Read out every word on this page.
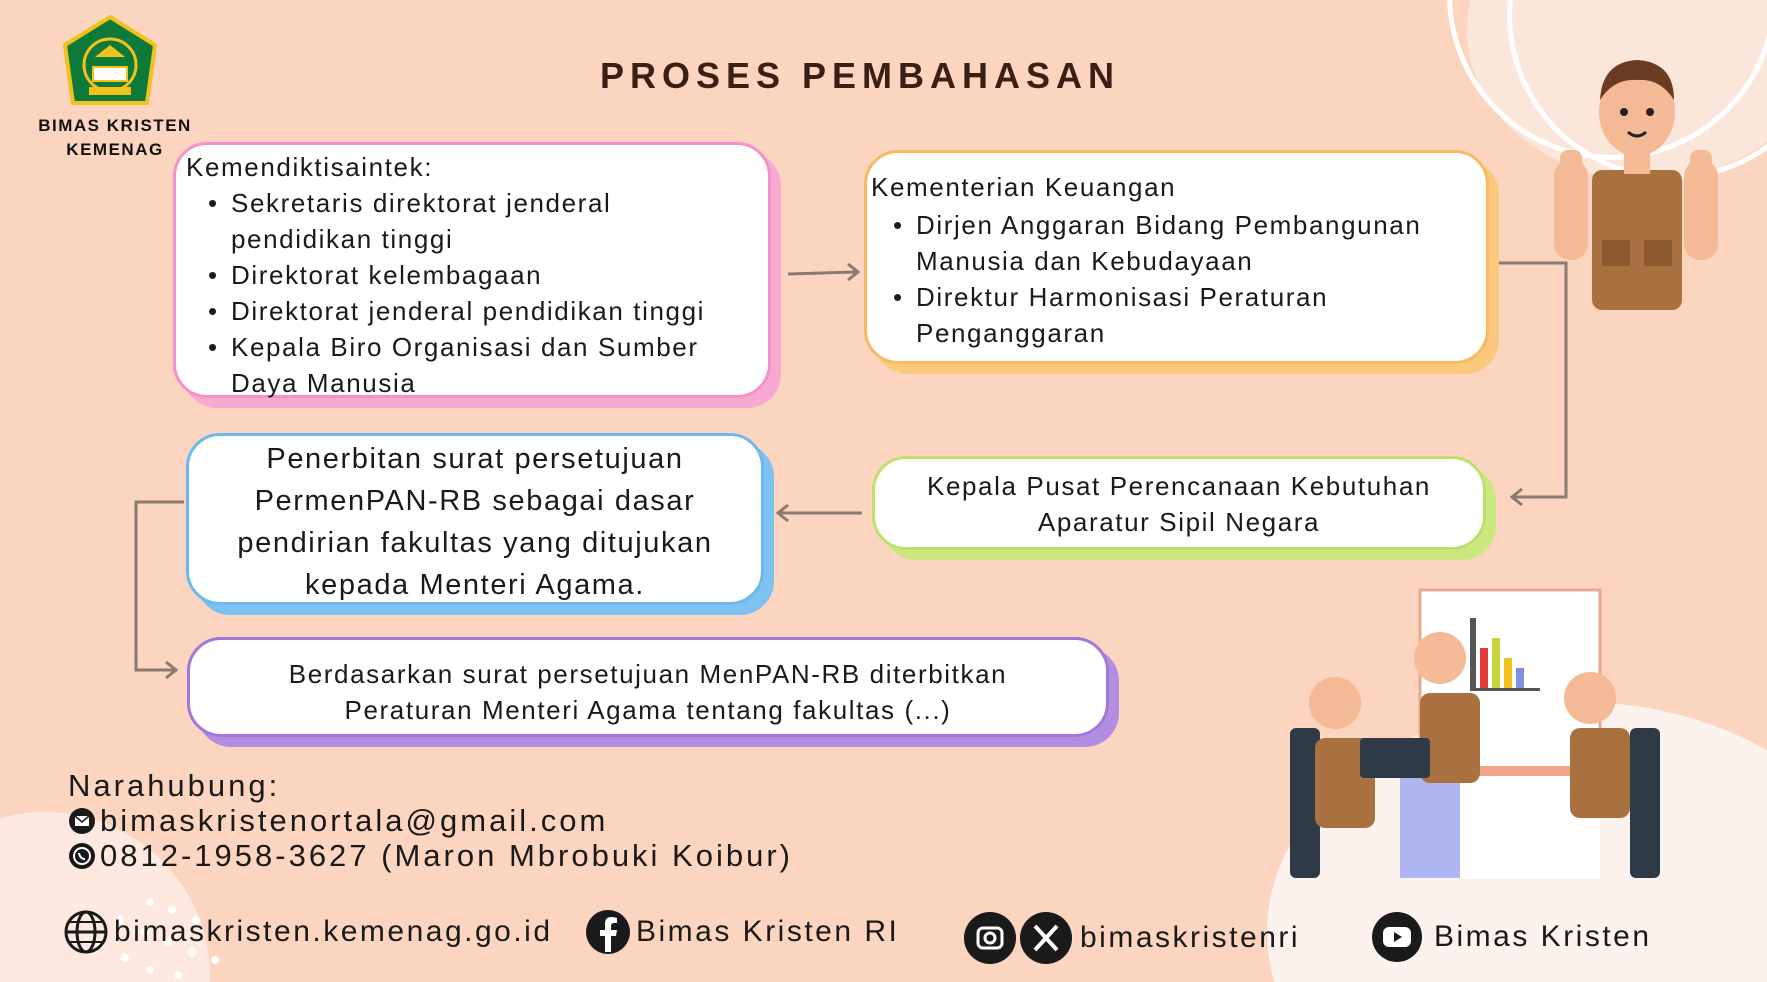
BIMAS KRISTEN
KEMENAG
PROSES PEMBAHASAN
Kemendiktisaintek:
• Sekretaris direktorat jenderal pendidikan tinggi
• Direktorat kelembagaan
• Direktorat jenderal pendidikan tinggi
• Kepala Biro Organisasi dan Sumber Daya Manusia
Kementerian Keuangan
• Dirjen Anggaran Bidang Pembangunan Manusia dan Kebudayaan
• Direktur Harmonisasi Peraturan Penganggaran
Kepala Pusat Perencanaan Kebutuhan Aparatur Sipil Negara
Penerbitan surat persetujuan PermenPAN-RB sebagai dasar pendirian fakultas yang ditujukan kepada Menteri Agama.
Berdasarkan surat persetujuan MenPAN-RB diterbitkan Peraturan Menteri Agama tentang fakultas (...)
Narahubung:
bimaskristenortala@gmail.com
0812-1958-3627 (Maron Mbrobuki Koibur)
bimaskristen.kemenag.go.id	Bimas Kristen RI	bimaskristenri	Bimas Kristen
